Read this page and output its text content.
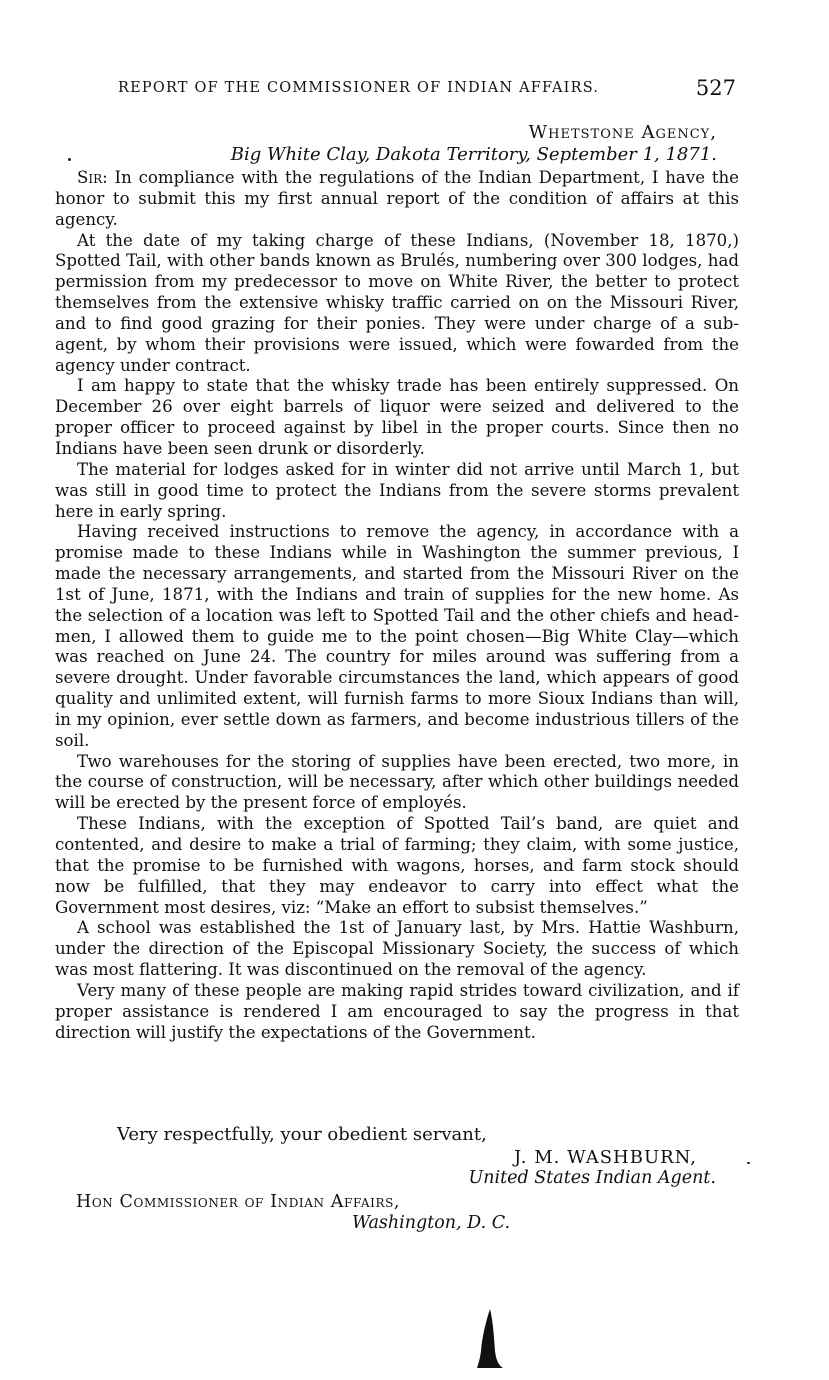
REPORT OF THE COMMISSIONER OF INDIAN AFFAIRS.	527
Whetstone Agency,
Big White Clay, Dakota Territory, September 1, 1871.

Sir: In compliance with the regulations of the Indian Department, I have the honor to submit this my first annual report of the condition of affairs at this agency.

At the date of my taking charge of these Indians, (November 18, 1870,) Spotted Tail, with other bands known as Brulés, numbering over 300 lodges, had permission from my predecessor to move on White River, the better to protect themselves from the extensive whisky traffic carried on on the Missouri River, and to find good grazing for their ponies. They were under charge of a sub-agent, by whom their provisions were issued, which were fowarded from the agency under contract.

I am happy to state that the whisky trade has been entirely suppressed. On December 26 over eight barrels of liquor were seized and delivered to the proper officer to proceed against by libel in the proper courts. Since then no Indians have been seen drunk or disorderly.

The material for lodges asked for in winter did not arrive until March 1, but was still in good time to protect the Indians from the severe storms prevalent here in early spring.

Having received instructions to remove the agency, in accordance with a promise made to these Indians while in Washington the summer previous, I made the necessary arrangements, and started from the Missouri River on the 1st of June, 1871, with the Indians and train of supplies for the new home. As the selection of a location was left to Spotted Tail and the other chiefs and head-men, I allowed them to guide me to the point chosen—Big White Clay—which was reached on June 24. The country for miles around was suffering from a severe drought. Under favorable circumstances the land, which appears of good quality and unlimited extent, will furnish farms to more Sioux Indians than will, in my opinion, ever settle down as farmers, and become industrious tillers of the soil.

Two warehouses for the storing of supplies have been erected, two more, in the course of construction, will be necessary, after which other buildings needed will be erected by the present force of employés.

These Indians, with the exception of Spotted Tail’s band, are quiet and contented, and desire to make a trial of farming; they claim, with some justice, that the promise to be furnished with wagons, horses, and farm stock should now be fulfilled, that they may endeavor to carry into effect what the Government most desires, viz: “Make an effort to subsist themselves.”

A school was established the 1st of January last, by Mrs. Hattie Washburn, under the direction of the Episcopal Missionary Society, the success of which was most flattering. It was discontinued on the removal of the agency.

Very many of these people are making rapid strides toward civilization, and if proper assistance is rendered I am encouraged to say the progress in that direction will justify the expectations of the Government.

Very respectfully, your obedient servant,
J. M. WASHBURN,
United States Indian Agent.
Hon Commissioner of Indian Affairs,
Washington, D. C.
